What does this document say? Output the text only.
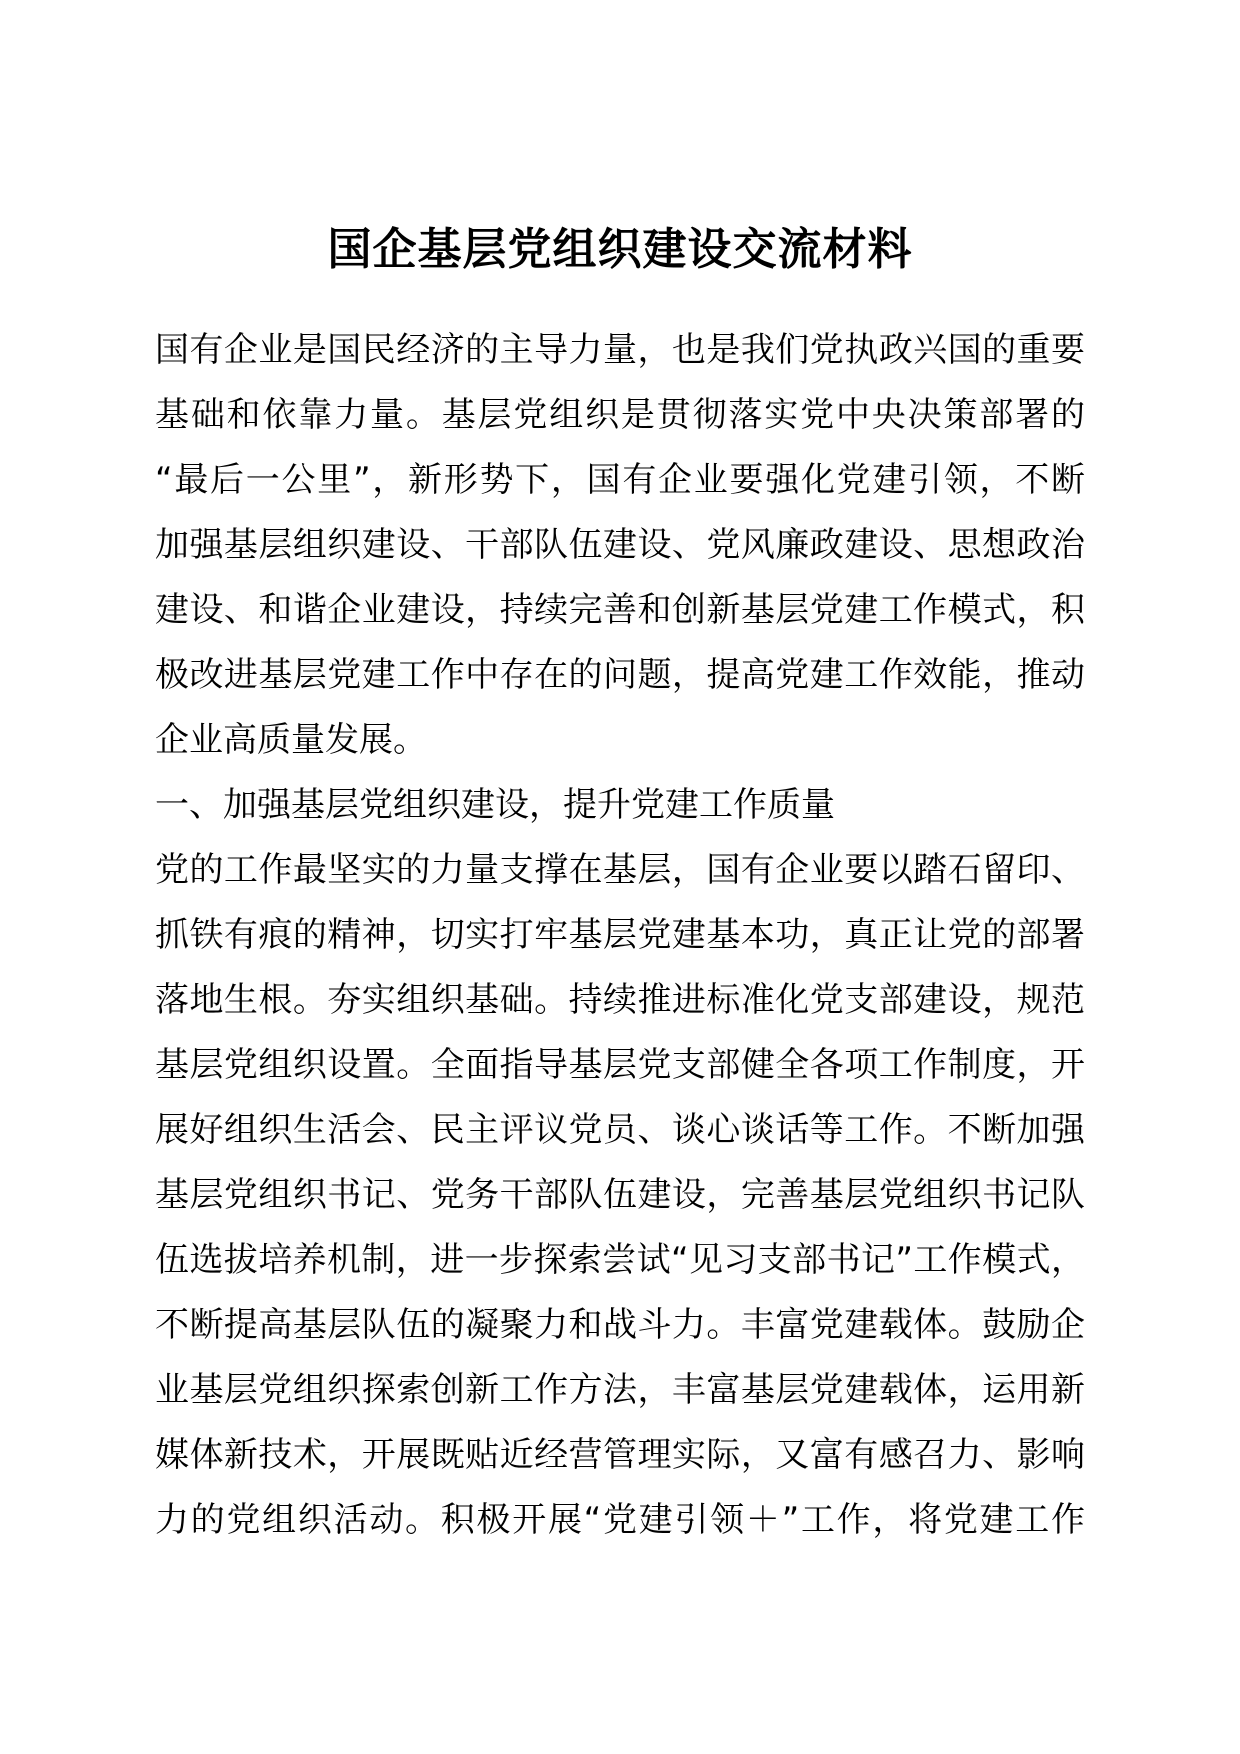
国企基层党组织建设交流材料
国有企业是国民经济的主导力量，也是我们党执政兴国的重要
基础和依靠力量。基层党组织是贯彻落实党中央决策部署的
“最后一公里”，新形势下，国有企业要强化党建引领，不断
加强基层组织建设、干部队伍建设、党风廉政建设、思想政治
建设、和谐企业建设，持续完善和创新基层党建工作模式，积
极改进基层党建工作中存在的问题，提高党建工作效能，推动
企业高质量发展。
一、加强基层党组织建设，提升党建工作质量
党的工作最坚实的力量支撑在基层，国有企业要以踏石留印、
抓铁有痕的精神，切实打牢基层党建基本功，真正让党的部署
落地生根。夯实组织基础。持续推进标准化党支部建设，规范
基层党组织设置。全面指导基层党支部健全各项工作制度，开
展好组织生活会、民主评议党员、谈心谈话等工作。不断加强
基层党组织书记、党务干部队伍建设，完善基层党组织书记队
伍选拔培养机制，进一步探索尝试“见习支部书记”工作模式，
不断提高基层队伍的凝聚力和战斗力。丰富党建载体。鼓励企
业基层党组织探索创新工作方法，丰富基层党建载体，运用新
媒体新技术，开展既贴近经营管理实际，又富有感召力、影响
力的党组织活动。积极开展“党建引领＋”工作，将党建工作
